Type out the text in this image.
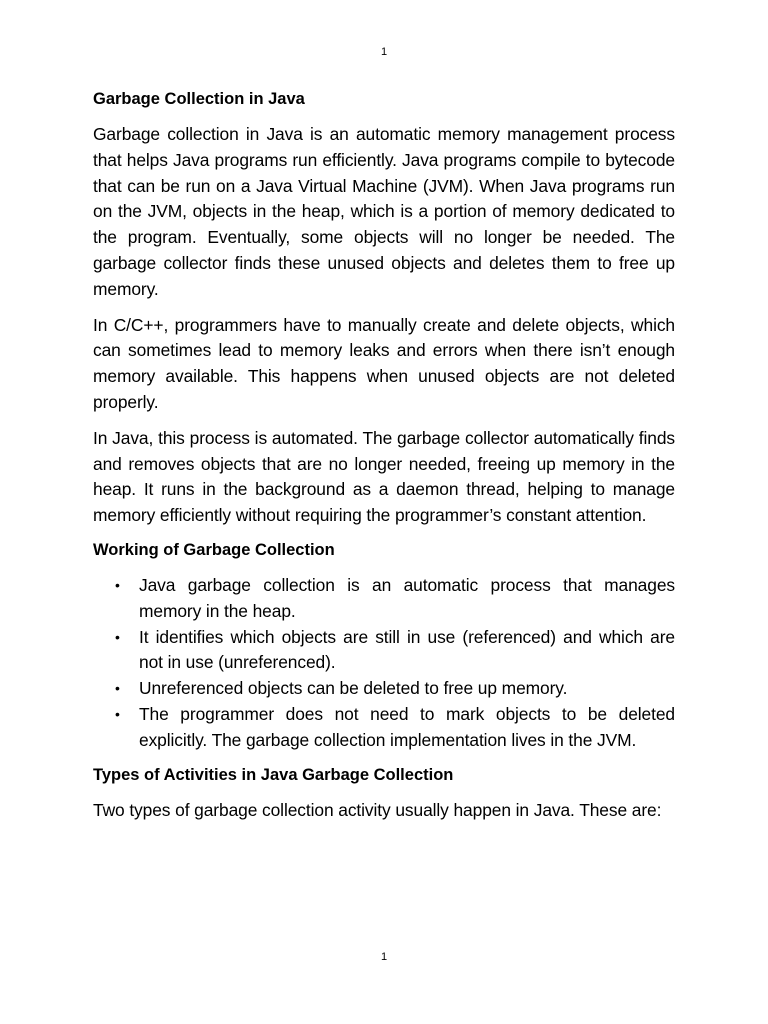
1
Garbage Collection in Java

Garbage collection in Java is an automatic memory management process that helps Java programs run efficiently. Java programs compile to bytecode that can be run on a Java Virtual Machine (JVM). When Java programs run on the JVM, objects in the heap, which is a portion of memory dedicated to the program. Eventually, some objects will no longer be needed. The garbage collector finds these unused objects and deletes them to free up memory.

In C/C++, programmers have to manually create and delete objects, which can sometimes lead to memory leaks and errors when there isn’t enough memory available. This happens when unused objects are not deleted properly.

In Java, this process is automated. The garbage collector automatically finds and removes objects that are no longer needed, freeing up memory in the heap. It runs in the background as a daemon thread, helping to manage memory efficiently without requiring the programmer’s constant attention.

Working of Garbage Collection
• Java garbage collection is an automatic process that manages memory in the heap.
• It identifies which objects are still in use (referenced) and which are not in use (unreferenced).
• Unreferenced objects can be deleted to free up memory.
• The programmer does not need to mark objects to be deleted explicitly. The garbage collection implementation lives in the JVM.
Types of Activities in Java Garbage Collection

Two types of garbage collection activity usually happen in Java. These are:

1
